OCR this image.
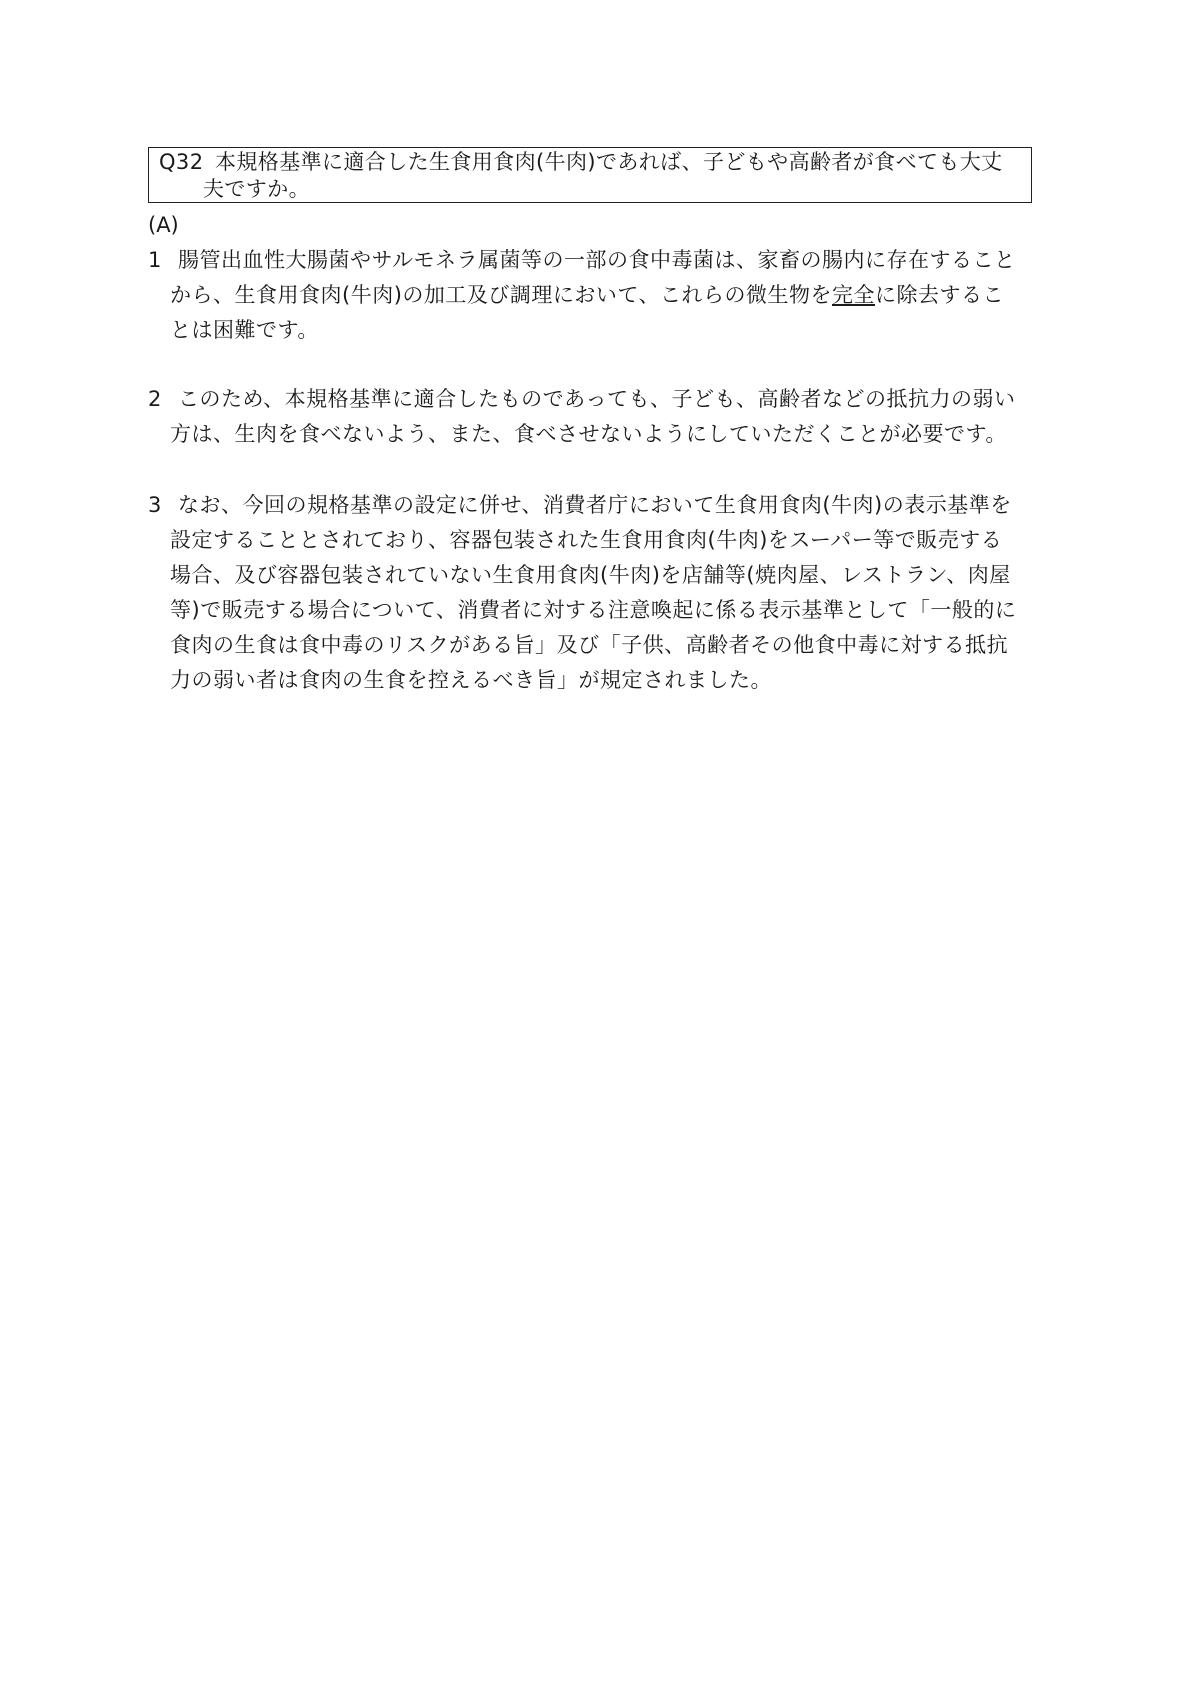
Q32 本規格基準に適合した生食用食肉(牛肉)であれば、子どもや高齢者が食べても大丈
夫ですか。
(A)
1 腸管出血性大腸菌やサルモネラ属菌等の一部の食中毒菌は、家畜の腸内に存在すること
から、生食用食肉(牛肉)の加工及び調理において、これらの微生物を完全に除去するこ
とは困難です。
2 このため、本規格基準に適合したものであっても、子ども、高齢者などの抵抗力の弱い
方は、生肉を食べないよう、また、食べさせないようにしていただくことが必要です。
3 なお、今回の規格基準の設定に併せ、消費者庁において生食用食肉(牛肉)の表示基準を
設定することとされており、容器包装された生食用食肉(牛肉)をスーパー等で販売する
場合、及び容器包装されていない生食用食肉(牛肉)を店舗等(焼肉屋、レストラン、肉屋
等)で販売する場合について、消費者に対する注意喚起に係る表示基準として「一般的に
食肉の生食は食中毒のリスクがある旨」及び「子供、高齢者その他食中毒に対する抵抗
力の弱い者は食肉の生食を控えるべき旨」が規定されました。
